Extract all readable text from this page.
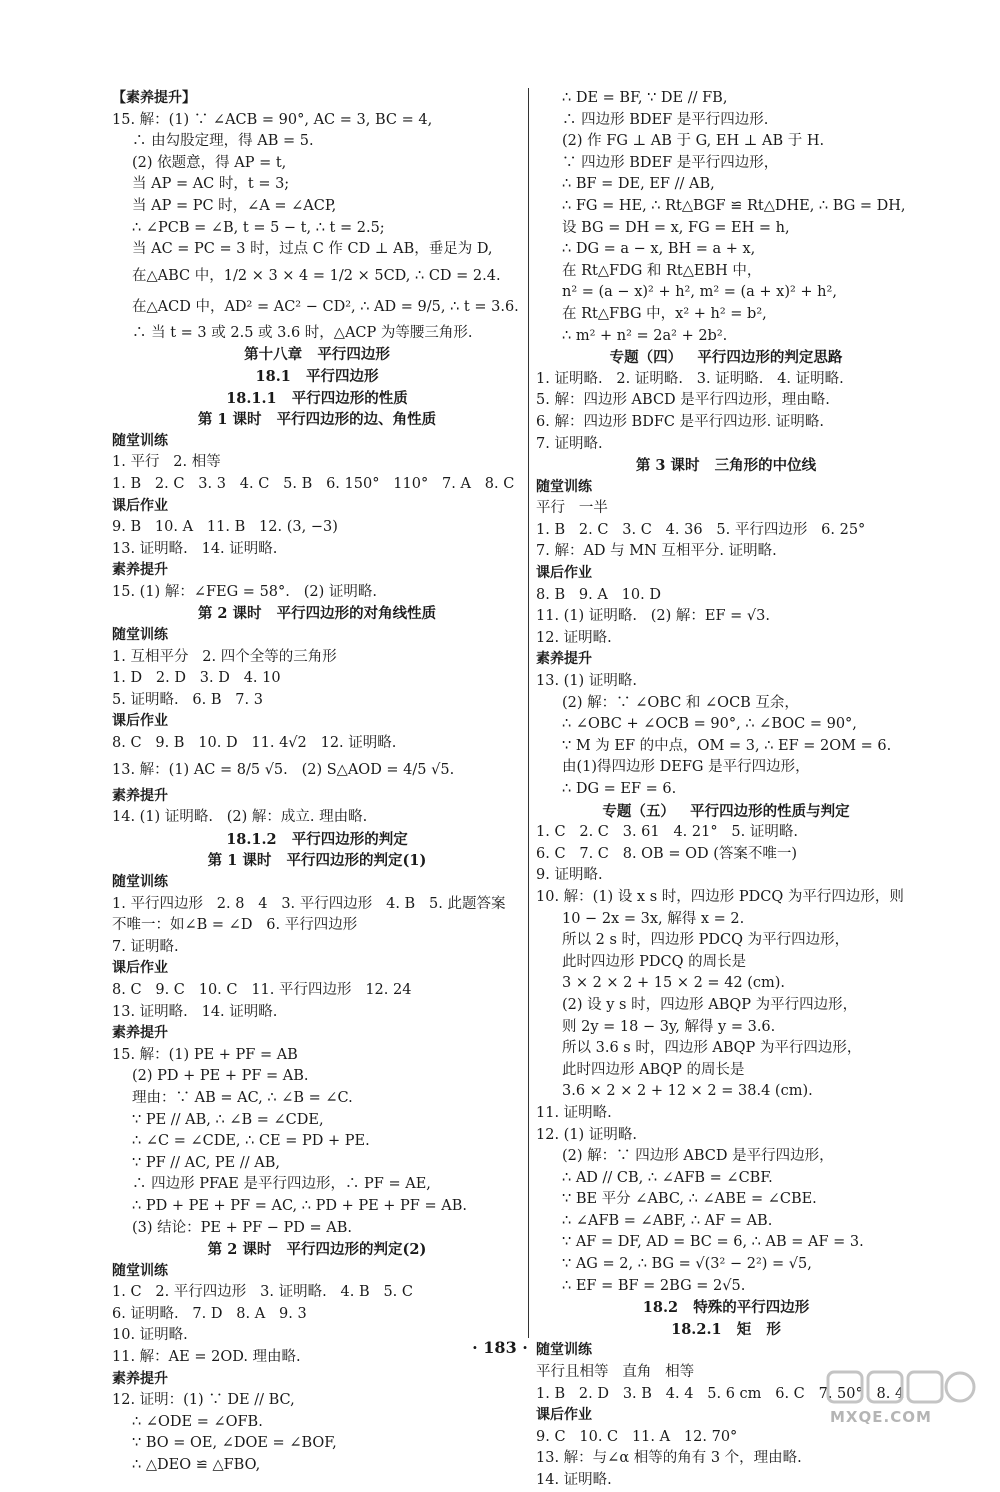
【素养提升】
15. 解：(1) ∵ ∠ACB = 90°, AC = 3, BC = 4,
∴ 由勾股定理，得 AB = 5.
(2) 依题意，得 AP = t,
当 AP = AC 时，t = 3;
当 AP = PC 时，∠A = ∠ACP,
∴ ∠PCB = ∠B, t = 5 − t, ∴ t = 2.5;
当 AC = PC = 3 时，过点 C 作 CD ⊥ AB，垂足为 D,
在△ABC 中，1/2 × 3 × 4 = 1/2 × 5CD, ∴ CD = 2.4.
在△ACD 中，AD² = AC² − CD², ∴ AD = 9/5, ∴ t = 3.6.
∴ 当 t = 3 或 2.5 或 3.6 时，△ACP 为等腰三角形.
第十八章   平行四边形
18.1   平行四边形
18.1.1   平行四边形的性质
第 1 课时   平行四边形的边、角性质
随堂训练
1. 平行   2. 相等
1. B   2. C   3. 3   4. C   5. B   6. 150°   110°   7. A   8. C
课后作业
9. B   10. A   11. B   12. (3, −3)
13. 证明略.   14. 证明略.
素养提升
15. (1) 解：∠FEG = 58°.   (2) 证明略.
第 2 课时   平行四边形的对角线性质
随堂训练
1. 互相平分   2. 四个全等的三角形
1. D   2. D   3. D   4. 10
5. 证明略.   6. B   7. 3
课后作业
8. C   9. B   10. D   11. 4√2   12. 证明略.
13. 解：(1) AC = 8/5 √5.   (2) S△AOD = 4/5 √5.
素养提升
14. (1) 证明略.   (2) 解：成立. 理由略.
18.1.2   平行四边形的判定
第 1 课时   平行四边形的判定(1)
随堂训练
1. 平行四边形   2. 8   4   3. 平行四边形   4. B   5. 此题答案
不唯一：如∠B = ∠D   6. 平行四边形
7. 证明略.
课后作业
8. C   9. C   10. C   11. 平行四边形   12. 24
13. 证明略.   14. 证明略.
素养提升
15. 解：(1) PE + PF = AB
(2) PD + PE + PF = AB.
理由：∵ AB = AC, ∴ ∠B = ∠C.
∵ PE // AB, ∴ ∠B = ∠CDE,
∴ ∠C = ∠CDE, ∴ CE = PD + PE.
∵ PF // AC, PE // AB,
∴ 四边形 PFAE 是平行四边形，∴ PF = AE,
∴ PD + PE + PF = AC, ∴ PD + PE + PF = AB.
(3) 结论：PE + PF − PD = AB.
第 2 课时   平行四边形的判定(2)
随堂训练
1. C   2. 平行四边形   3. 证明略.   4. B   5. C
6. 证明略.   7. D   8. A   9. 3
10. 证明略.
11. 解：AE = 2OD. 理由略.
素养提升
12. 证明：(1) ∵ DE // BC,
∴ ∠ODE = ∠OFB.
∵ BO = OE, ∠DOE = ∠BOF,
∴ △DEO ≌ △FBO,
∴ DE = BF, ∵ DE // FB,
∴ 四边形 BDEF 是平行四边形.
(2) 作 FG ⊥ AB 于 G, EH ⊥ AB 于 H.
∵ 四边形 BDEF 是平行四边形，
∴ BF = DE, EF // AB,
∴ FG = HE, ∴ Rt△BGF ≌ Rt△DHE, ∴ BG = DH,
设 BG = DH = x, FG = EH = h,
∴ DG = a − x, BH = a + x,
在 Rt△FDG 和 Rt△EBH 中，
n² = (a − x)² + h², m² = (a + x)² + h²,
在 Rt△FBG 中，x² + h² = b²,
∴ m² + n² = 2a² + 2b².
专题（四）   平行四边形的判定思路
1. 证明略.   2. 证明略.   3. 证明略.   4. 证明略.
5. 解：四边形 ABCD 是平行四边形，理由略.
6. 解：四边形 BDFC 是平行四边形. 证明略.
7. 证明略.
第 3 课时   三角形的中位线
随堂训练
平行   一半
1. B   2. C   3. C   4. 36   5. 平行四边形   6. 25°
7. 解：AD 与 MN 互相平分. 证明略.
课后作业
8. B   9. A   10. D
11. (1) 证明略.   (2) 解：EF = √3.
12. 证明略.
素养提升
13. (1) 证明略.
(2) 解：∵ ∠OBC 和 ∠OCB 互余，
∴ ∠OBC + ∠OCB = 90°, ∴ ∠BOC = 90°,
∵ M 为 EF 的中点，OM = 3, ∴ EF = 2OM = 6.
由(1)得四边形 DEFG 是平行四边形，
∴ DG = EF = 6.
专题（五）   平行四边形的性质与判定
1. C   2. C   3. 61   4. 21°   5. 证明略.
6. C   7. C   8. OB = OD (答案不唯一)
9. 证明略.
10. 解：(1) 设 x s 时，四边形 PDCQ 为平行四边形，则
10 − 2x = 3x, 解得 x = 2.
所以 2 s 时，四边形 PDCQ 为平行四边形，
此时四边形 PDCQ 的周长是
3 × 2 × 2 + 15 × 2 = 42 (cm).
(2) 设 y s 时，四边形 ABQP 为平行四边形，
则 2y = 18 − 3y, 解得 y = 3.6.
所以 3.6 s 时，四边形 ABQP 为平行四边形，
此时四边形 ABQP 的周长是
3.6 × 2 × 2 + 12 × 2 = 38.4 (cm).
11. 证明略.
12. (1) 证明略.
(2) 解：∵ 四边形 ABCD 是平行四边形，
∴ AD // CB, ∴ ∠AFB = ∠CBF.
∵ BE 平分 ∠ABC, ∴ ∠ABE = ∠CBE.
∴ ∠AFB = ∠ABF, ∴ AF = AB.
∵ AF = DF, AD = BC = 6, ∴ AB = AF = 3.
∵ AG = 2, ∴ BG = √(3² − 2²) = √5,
∴ EF = BF = 2BG = 2√5.
18.2   特殊的平行四边形
18.2.1   矩   形
随堂训练
平行且相等   直角   相等
1. B   2. D   3. B   4. 4   5. 6 cm   6. C   7. 50°   8. 4
课后作业
9. C   10. C   11. A   12. 70°
13. 解：与∠α 相等的角有 3 个，理由略.
14. 证明略.
· 183 ·
MXQE.COM
